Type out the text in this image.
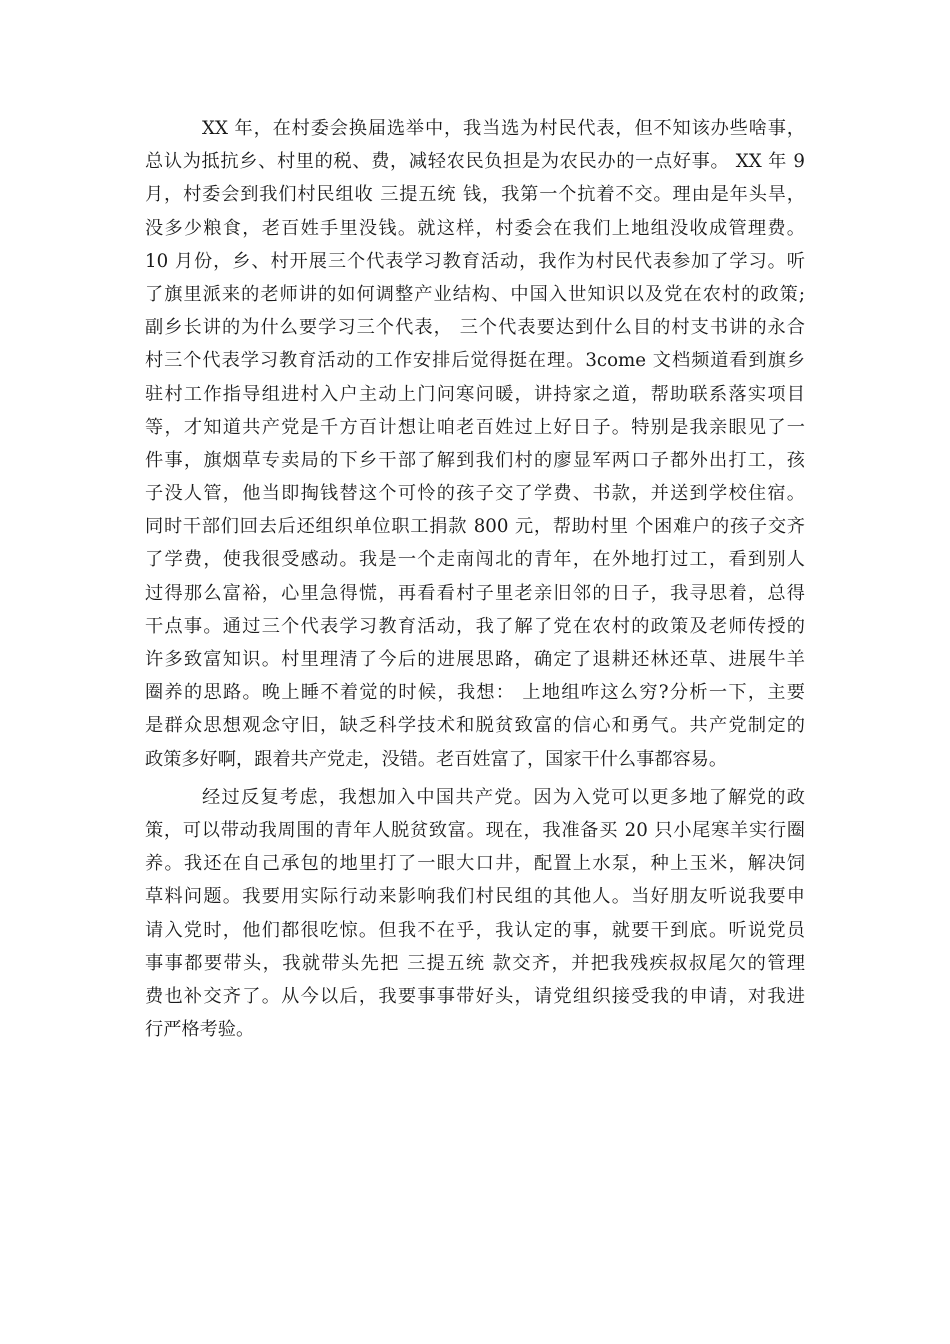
XX 年，在村委会换届选举中，我当选为村民代表，但不知该办些啥事，
总认为抵抗乡、村里的税、费，减轻农民负担是为农民办的一点好事。 XX 年 9
月，村委会到我们村民组收 三提五统 钱，我第一个抗着不交。理由是年头旱，
没多少粮食，老百姓手里没钱。就这样，村委会在我们上地组没收成管理费。
10 月份，乡、村开展三个代表学习教育活动，我作为村民代表参加了学习。听
了旗里派来的老师讲的如何调整产业结构、中国入世知识以及党在农村的政策;
副乡长讲的为什么要学习三个代表， 三个代表要达到什么目的村支书讲的永合
村三个代表学习教育活动的工作安排后觉得挺在理。3come 文档频道看到旗乡
驻村工作指导组进村入户主动上门问寒问暖，讲持家之道，帮助联系落实项目
等，才知道共产党是千方百计想让咱老百姓过上好日子。特别是我亲眼见了一
件事，旗烟草专卖局的下乡干部了解到我们村的廖显军两口子都外出打工，孩
子没人管，他当即掏钱替这个可怜的孩子交了学费、书款，并送到学校住宿。
同时干部们回去后还组织单位职工捐款 800 元，帮助村里 个困难户的孩子交齐
了学费，使我很受感动。我是一个走南闯北的青年，在外地打过工，看到别人
过得那么富裕，心里急得慌，再看看村子里老亲旧邻的日子，我寻思着，总得
干点事。通过三个代表学习教育活动，我了解了党在农村的政策及老师传授的
许多致富知识。村里理清了今后的进展思路，确定了退耕还林还草、进展牛羊
圈养的思路。晚上睡不着觉的时候，我想： 上地组咋这么穷?分析一下，主要
是群众思想观念守旧，缺乏科学技术和脱贫致富的信心和勇气。共产党制定的
政策多好啊，跟着共产党走，没错。老百姓富了，国家干什么事都容易。
经过反复考虑，我想加入中国共产党。因为入党可以更多地了解党的政
策，可以带动我周围的青年人脱贫致富。现在，我准备买 20 只小尾寒羊实行圈
养。我还在自己承包的地里打了一眼大口井，配置上水泵，种上玉米，解决饲
草料问题。我要用实际行动来影响我们村民组的其他人。当好朋友听说我要申
请入党时，他们都很吃惊。但我不在乎，我认定的事，就要干到底。听说党员
事事都要带头，我就带头先把 三提五统 款交齐，并把我残疾叔叔尾欠的管理
费也补交齐了。从今以后，我要事事带好头，请党组织接受我的申请，对我进
行严格考验。
